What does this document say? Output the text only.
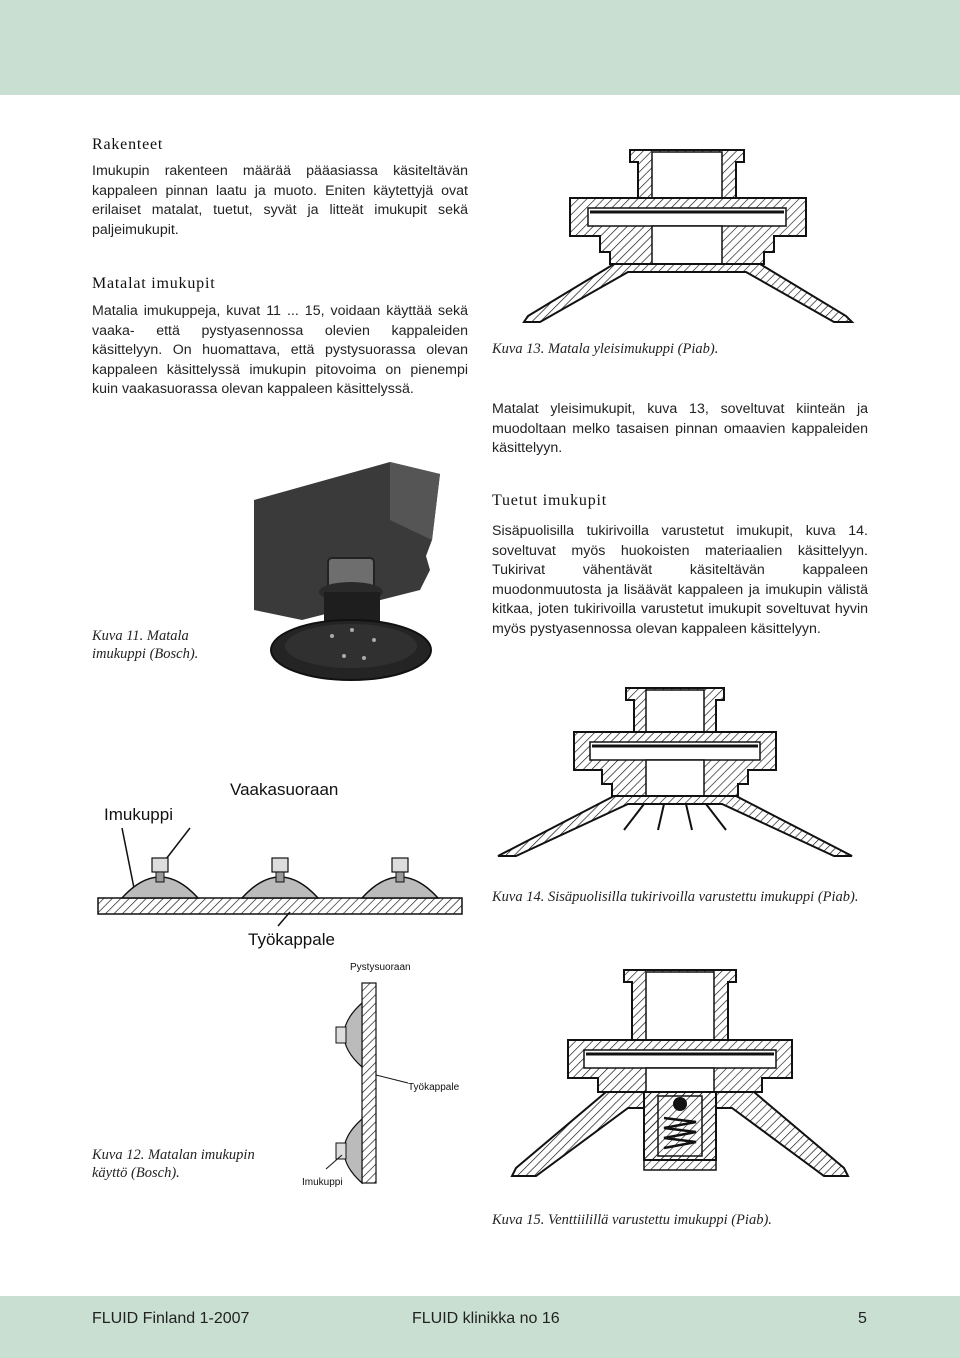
Rakenteet
Imukupin rakenteen määrää pääasiassa käsiteltävän kappaleen pinnan laatu ja muoto. Eniten käytettyjä ovat erilaiset matalat, tuetut, syvät ja litteät imukupit sekä paljeimukupit.
Matalat imukupit
Matalia imukuppeja, kuvat 11 ... 15, voidaan käyttää sekä vaaka- että pystyasennossa olevien kappaleiden käsittelyyn. On huomattava, että pystysuorassa olevan kappaleen käsittelyssä imukupin pitovoima on pienempi kuin vaakasuorassa olevan kappaleen käsittelyssä.
Kuva 13. Matala yleisimukuppi (Piab).
Matalat yleisimukupit, kuva 13, soveltuvat kiinteän ja muodoltaan melko tasaisen pinnan omaavien kappaleiden käsittelyyn.
Tuetut imukupit
Sisäpuolisilla tukirivoilla varustetut imukupit, kuva 14. soveltuvat myös huokoisten materiaalien käsittelyyn. Tukirivat vähentävät käsiteltävän kappaleen muodonmuutosta ja lisäävät kappaleen ja imukupin välistä kitkaa, joten tukirivoilla varustetut imukupit soveltuvat hyvin myös pystyasennossa olevan kappaleen käsittelyyn.
Kuva 11. Matala imukuppi (Bosch).
Vaakasuoraan
Imukuppi
Työkappale
Pystysuoraan
Työkappale
Imukuppi
Kuva 12. Matalan imukupin käyttö (Bosch).
Kuva 14. Sisäpuolisilla tukirivoilla varustettu imukuppi (Piab).
Kuva 15. Venttiilillä varustettu imukuppi (Piab).
FLUID Finland 1-2007	FLUID klinikka no 16	5
